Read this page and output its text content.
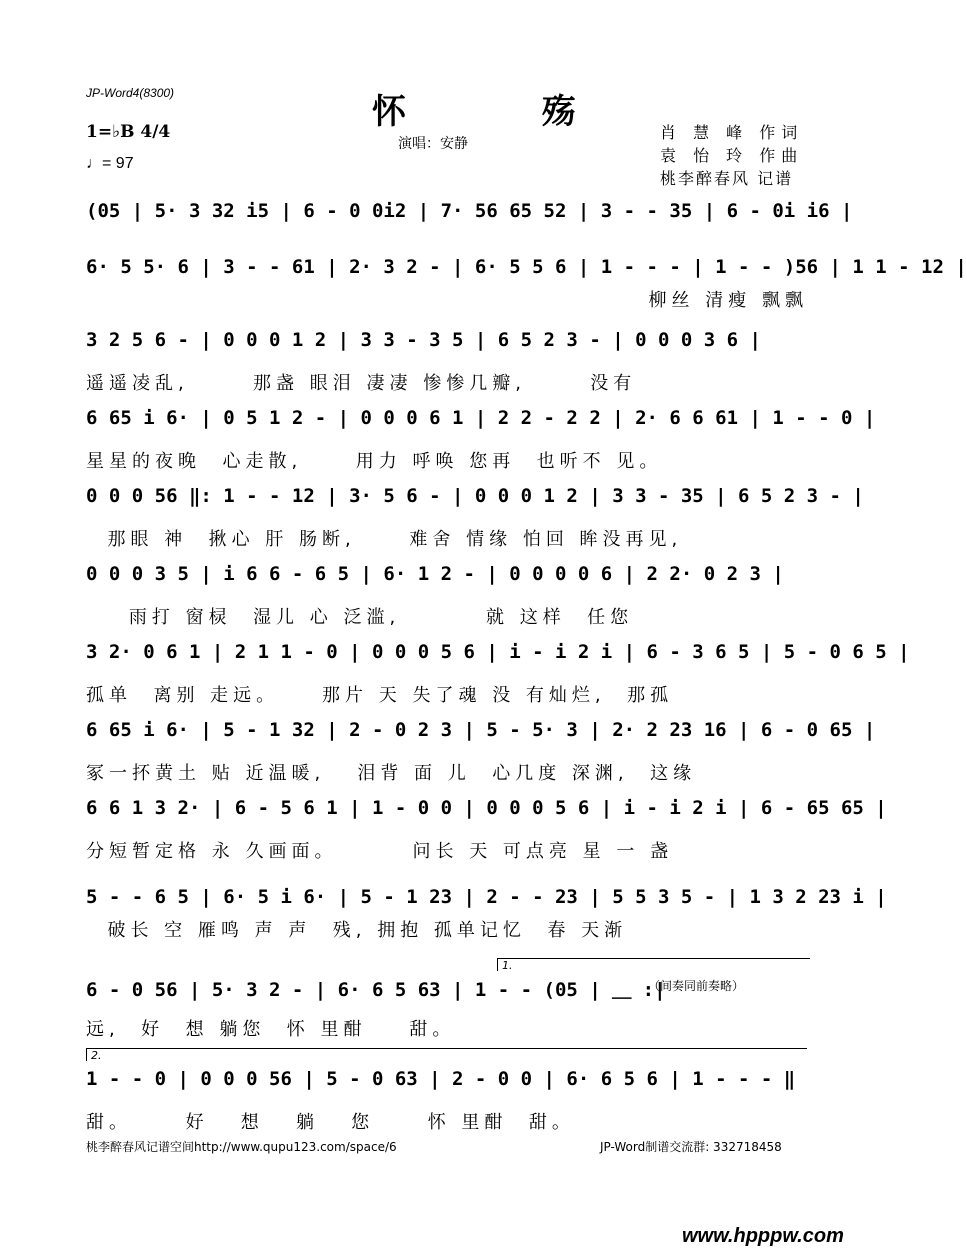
JP-Word4(8300)	怀 殇
演唱：安静
1=♭B 4/4
♩= 97
肖 慧 峰 作词
袁 怡 玲 作曲
桃李醉春风 记谱
(05 | 5· 3 32 i5 | 6 - 0 0i2 | 7· 56 65 52 | 3 - - 35 | 6 - 0i i6 |
6· 5 5· 6 | 3 - - 61 | 2· 3 2 - | 6· 5 5 6 | 1 - - - | 1 - - )56 | 1 1 - 12 |
柳丝 清瘦 飘飘
3 2 5 6 - | 0 0 0 1 2 | 3 3 - 3 5 | 6 5 2 3 - | 0 0 0 3 6 |
遥遥凌乱,      那盏 眼泪 凄凄 惨惨几瓣,      没有
6 65 i 6· | 0 5 1 2 - | 0 0 0 6 1 | 2 2 - 2 2 | 2· 6 6 61 | 1 - - 0 |
星星的夜晚  心走散,     用力 呼唤 您再  也听不 见。
0 0 0 56 ‖: 1 - - 12 | 3· 5 6 - | 0 0 0 1 2 | 3 3 - 35 | 6 5 2 3 - |
那眼 神  揪心 肝 肠断,     难舍 情缘 怕回 眸没再见,
0 0 0 3 5 | i 6 6 - 6 5 | 6· 1 2 - | 0 0 0 0 6 | 2 2· 0 2 3 |
雨打 窗棂  湿儿 心 泛滥,        就 这样  任您
3 2· 0 6 1 | 2 1 1 - 0 | 0 0 0 5 6 | i - i 2 i | 6 - 3 6 5 | 5 - 0 6 5 |
孤单  离别 走远。    那片 天 失了魂 没 有灿烂,  那孤
6 65 i 6· | 5 - 1 32 | 2 - 0 2 3 | 5 - 5· 3 | 2· 2 23 16 | 6 - 0 65 |
冢一抔黄土 贴 近温暖,   泪背 面 儿  心几度 深渊,  这缘
6 6 1 3 2· | 6 - 5 6 1 | 1 - 0 0 | 0 0 0 5 6 | i - i 2 i | 6 - 65 65 |
分短暂定格 永 久画面。       问长 天 可点亮 星 一 盏
5 - - 6 5 | 6· 5 i 6· | 5 - 1 23 | 2 - - 23 | 5 5 3 5 - | 1 3 2 23 i |
破长 空 雁鸣 声 声  残, 拥抱 孤单记忆  春 天渐
1.
6 - 0 56 | 5· 3 2 - | 6· 6 5 63 | 1 - - (05 | ＿ :|
（间奏同前奏略）
远,  好  想 躺您  怀 里酣    甜。
2.
1 - - 0 | 0 0 0 56 | 5 - 0 63 | 2 - 0 0 | 6· 6 5 6 | 1 - - - ‖
甜。     好   想   躺   您     怀 里酣  甜。
桃李醉春风记谱空间http://www.qupu123.com/space/6	JP-Word制谱交流群: 332718458
www.hpppw.com
